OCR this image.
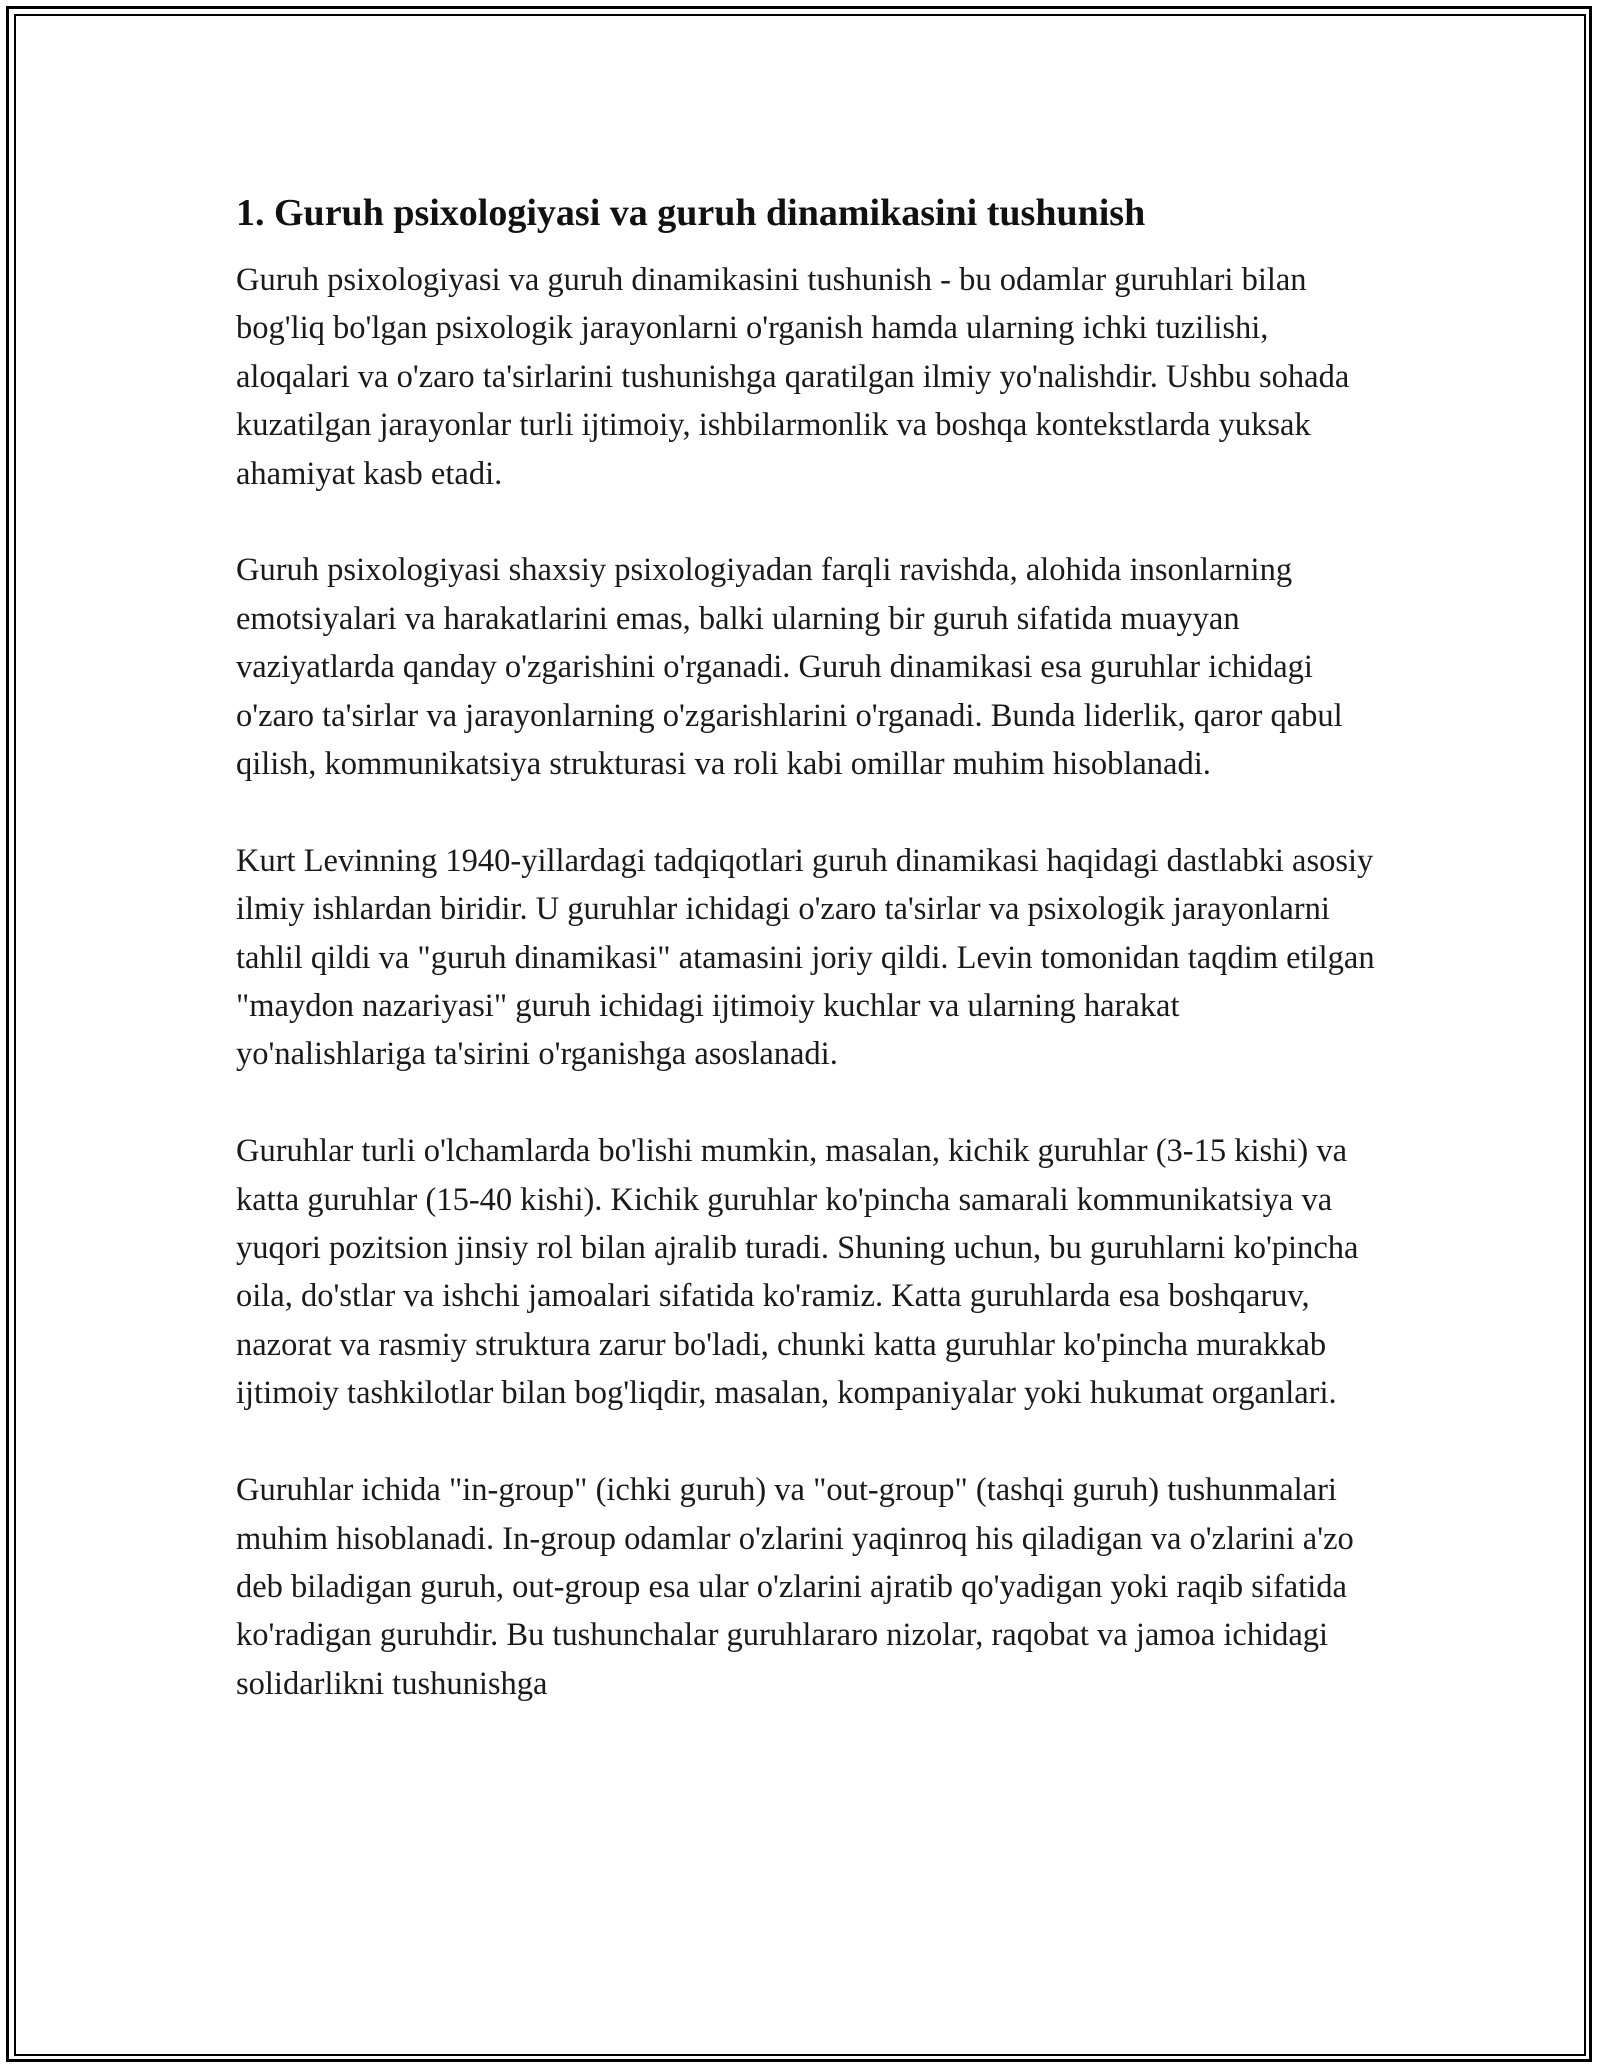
1. Guruh psixologiyasi va guruh dinamikasini tushunish

Guruh psixologiyasi va guruh dinamikasini tushunish - bu odamlar guruhlari bilan bog'liq bo'lgan psixologik jarayonlarni o'rganish hamda ularning ichki tuzilishi, aloqalari va o'zaro ta'sirlarini tushunishga qaratilgan ilmiy yo'nalishdir. Ushbu sohada kuzatilgan jarayonlar turli ijtimoiy, ishbilarmonlik va boshqa kontekstlarda yuksak ahamiyat kasb etadi.

Guruh psixologiyasi shaxsiy psixologiyadan farqli ravishda, alohida insonlarning emotsiyalari va harakatlarini emas, balki ularning bir guruh sifatida muayyan vaziyatlarda qanday o'zgarishini o'rganadi. Guruh dinamikasi esa guruhlar ichidagi o'zaro ta'sirlar va jarayonlarning o'zgarishlarini o'rganadi. Bunda liderlik, qaror qabul qilish, kommunikatsiya strukturasi va roli kabi omillar muhim hisoblanadi.

Kurt Levinning 1940-yillardagi tadqiqotlari guruh dinamikasi haqidagi dastlabki asosiy ilmiy ishlardan biridir. U guruhlar ichidagi o'zaro ta'sirlar va psixologik jarayonlarni tahlil qildi va "guruh dinamikasi" atamasini joriy qildi. Levin tomonidan taqdim etilgan "maydon nazariyasi" guruh ichidagi ijtimoiy kuchlar va ularning harakat yo'nalishlariga ta'sirini o'rganishga asoslanadi.

Guruhlar turli o'lchamlarda bo'lishi mumkin, masalan, kichik guruhlar (3-15 kishi) va katta guruhlar (15-40 kishi). Kichik guruhlar ko'pincha samarali kommunikatsiya va yuqori pozitsion jinsiy rol bilan ajralib turadi. Shuning uchun, bu guruhlarni ko'pincha oila, do'stlar va ishchi jamoalari sifatida ko'ramiz. Katta guruhlarda esa boshqaruv, nazorat va rasmiy struktura zarur bo'ladi, chunki katta guruhlar ko'pincha murakkab ijtimoiy tashkilotlar bilan bog'liqdir, masalan, kompaniyalar yoki hukumat organlari.

Guruhlar ichida "in-group" (ichki guruh) va "out-group" (tashqi guruh) tushunmalari muhim hisoblanadi. In-group odamlar o'zlarini yaqinroq his qiladigan va o'zlarini a'zo deb biladigan guruh, out-group esa ular o'zlarini ajratib qo'yadigan yoki raqib sifatida ko'radigan guruhdir. Bu tushunchalar guruhlararo nizolar, raqobat va jamoa ichidagi solidarlikni tushunishga
